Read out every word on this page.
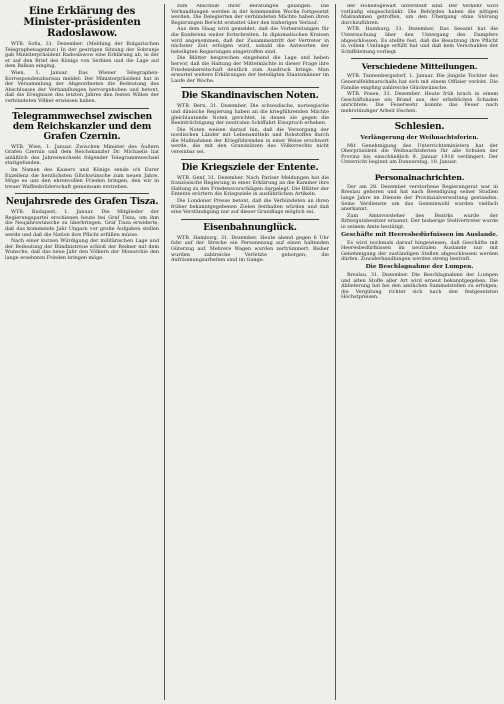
Eine Erklärung des Minister-präsidenten Radoslawow.

WTB. Sofia, 31. Dezember. (Meldung der Bulgarischen Telegraphenagentur.) In der gestrigen Sitzung der Sobranje gab Ministerpräsident Radoslawow eine Erklärung ab, in der er auf den Brief des Königs von Serbien und die Lage auf dem Balkan einging.

Wien, 1. Januar. Das Wiener Telegraphen-Korrespondenzbureau meldet: Der Ministerpräsident hat in der Versammlung der Abgeordneten die Bedeutung des Abschlusses der Verhandlungen hervorgehoben und betont, daß die Ereignisse des letzten Jahres den festen Willen der verbündeten Völker erwiesen haben.

Telegrammwechsel zwischen dem Reichskanzler und dem Grafen Czernin.

WTB. Wien, 1. Januar. Zwischen Minister des Äußern Grafen Czernin und dem Reichskanzler Dr. Michaelis hat anläßlich des Jahreswechsels folgender Telegrammwechsel stattgefunden.

Im Namen des Kaisers und Königs sende ich Eurer Exzellenz die herzlichsten Glückwünsche zum neuen Jahre. Möge es uns den ehrenvollen Frieden bringen, den wir in treuer Waffenbrüderschaft gemeinsam erstreben.

Neujahrsrede des Grafen Tisza.

WTB. Budapest, 1. Januar. Die Mitglieder der Regierungspartei erschienen heute bei Graf Tisza, um ihm die Neujahrswünsche zu überbringen. Graf Tisza erwiderte, daß das kommende Jahr Ungarn vor große Aufgaben stellen werde und daß die Nation ihre Pflicht erfüllen müsse.

Nach einer kurzen Würdigung der militärischen Lage und der Bedeutung der Bündnistreue schloß der Redner mit dem Wunsche, daß das neue Jahr den Völkern der Monarchie den lange ersehnten Frieden bringen möge.

zum Abschluß ihrer Beratungen gelangen. Die Verhandlungen werden in der kommenden Woche fortgesetzt werden. Die Delegierten der verbündeten Mächte haben ihren Regierungen Bericht erstattet über den bisherigen Verlauf.

Aus dem Haag wird gemeldet, daß die Vorbereitungen für die Konferenz weiter fortschreiten. In diplomatischen Kreisen wird angenommen, daß der Zusammentritt der Vertreter in nächster Zeit erfolgen wird, sobald die Antworten der beteiligten Regierungen eingetroffen sind.

Die Blätter besprechen eingehend die Lage und heben hervor, daß die Haltung der Mittelmächte in dieser Frage ihre Friedensbereitschaft deutlich zum Ausdruck bringe. Man erwartet weitere Erklärungen der beteiligten Staatsmänner im Laufe der Woche.

Die Skandinavischen Noten.

WTB. Bern, 31. Dezember. Die schwedische, norwegische und dänische Regierung haben an die kriegführenden Mächte gleichlautende Noten gerichtet, in denen sie gegen die Beeinträchtigung der neutralen Schiffahrt Einspruch erheben.

Die Noten weisen darauf hin, daß die Versorgung der nordischen Länder mit Lebensmitteln und Rohstoffen durch die Maßnahmen der Kriegführenden in einer Weise erschwert werde, die mit den Grundsätzen des Völkerrechts nicht vereinbar sei.

Die Kriegsziele der Entente.

WTB. Genf, 31. Dezember. Nach Pariser Meldungen hat die französische Regierung in einer Erklärung an die Kammer ihre Haltung zu den Friedensvorschlägen dargelegt. Die Blätter der Entente erörtern die Kriegsziele in ausführlichen Artikeln.

Die Londoner Presse betont, daß die Verbündeten an ihren früher bekanntgegebenen Zielen festhalten würden und daß eine Verständigung nur auf dieser Grundlage möglich sei.

Eisenbahnunglück.

WTB. Hamburg, 31. Dezember. Heute abend gegen 6 Uhr fuhr auf der Strecke ein Personenzug auf einen haltenden Güterzug auf. Mehrere Wagen wurden zertrümmert. Bisher wurden zahlreiche Verletzte geborgen; die Aufräumungsarbeiten sind im Gange.

der Hoheitsgewalt unterstellt sind. Der Verkehr wird vorläufig eingeschränkt. Die Behörden haben die nötigen Maßnahmen getroffen, um den Übergang ohne Störung durchzuführen.

WTB. Hamburg, 31. Dezember. Das Seeamt hat die Untersuchung über den Untergang des Dampfers abgeschlossen. Es stellte fest, daß die Besatzung ihre Pflicht in vollem Umfange erfüllt hat und daß kein Verschulden der Schiffsleitung vorliegt.

Verschiedene Mitteilungen.

WTB. Tannenbergsdorf, 1. Januar. Die jüngste Tochter des Generalfeldmarschalls hat sich mit einem Offizier verlobt. Die Familie empfing zahlreiche Glückwünsche.

WTB. Posen, 31. Dezember. Heute früh brach in einem Geschäftshause ein Brand aus, der erheblichen Schaden anrichtete. Die Feuerwehr konnte das Feuer nach mehrstündiger Arbeit löschen.

Schlesien.
Verlängerung der Weihnachtsferien.

Mit Genehmigung des Unterrichtsministers hat der Oberpräsident die Weihnachtsferien für alle Schulen der Provinz bis einschließlich 9. Januar 1918 verlängert. Der Unterricht beginnt am Donnerstag, 10. Januar.

Personalnachrichten.

Der am 28. Dezember verstorbene Regierungsrat war in Breslau geboren und hat nach Beendigung seiner Studien lange Jahre im Dienste der Provinzialverwaltung gestanden. Seine Verdienste um das Gemeinwohl wurden vielfach anerkannt.

Zum Amtsvorsteher des Bezirks wurde der Rittergutsbesitzer ernannt. Der bisherige Stellvertreter wurde in seinem Amte bestätigt.

Geschäfte mit Heeresbedürfnissen im Auslande.

Es wird nochmals darauf hingewiesen, daß Geschäfte mit Heeresbedürfnissen im neutralen Auslande nur mit Genehmigung der zuständigen Stellen abgeschlossen werden dürfen. Zuwiderhandlungen werden streng bestraft.

Die Beschlagnahme der Lumpen.

Breslau, 31. Dezember. Die Beschlagnahme der Lumpen und alten Stoffe aller Art wird erneut bekanntgegeben. Die Ablieferung hat bei den amtlichen Sammelstellen zu erfolgen; die Vergütung richtet sich nach den festgesetzten Höchstpreisen.
